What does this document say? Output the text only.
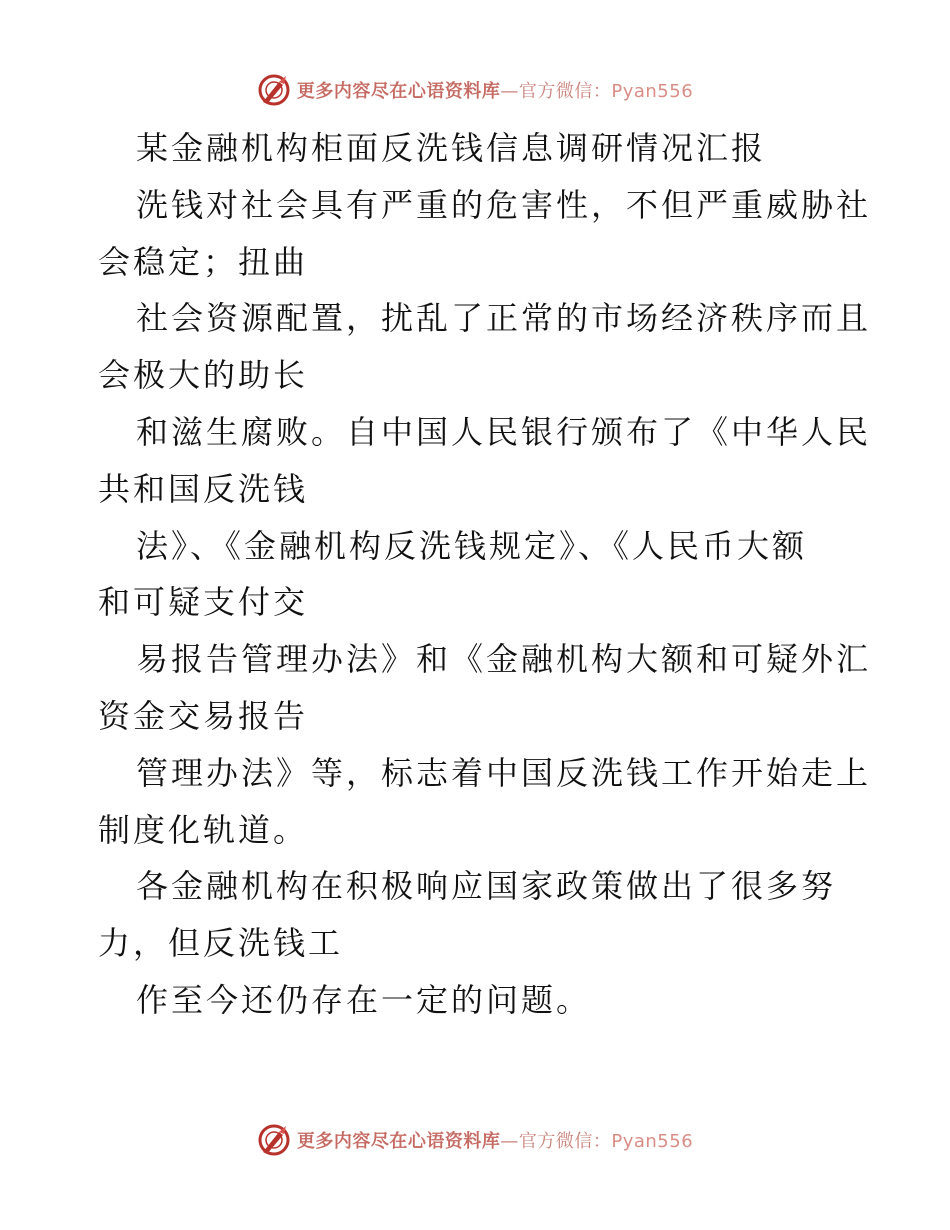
更多内容尽在心语资料库—官方微信：Pyan556
某金融机构柜面反洗钱信息调研情况汇报
洗钱对社会具有严重的危害性，不但严重威胁社
会稳定；扭曲
社会资源配置，扰乱了正常的市场经济秩序而且
会极大的助长
和滋生腐败。自中国人民银行颁布了《中华人民
共和国反洗钱
法》、《金融机构反洗钱规定》、《人民币大额
和可疑支付交
易报告管理办法》和《金融机构大额和可疑外汇
资金交易报告
管理办法》等，标志着中国反洗钱工作开始走上
制度化轨道。
各金融机构在积极响应国家政策做出了很多努
力，但反洗钱工
作至今还仍存在一定的问题。
更多内容尽在心语资料库—官方微信：Pyan556
